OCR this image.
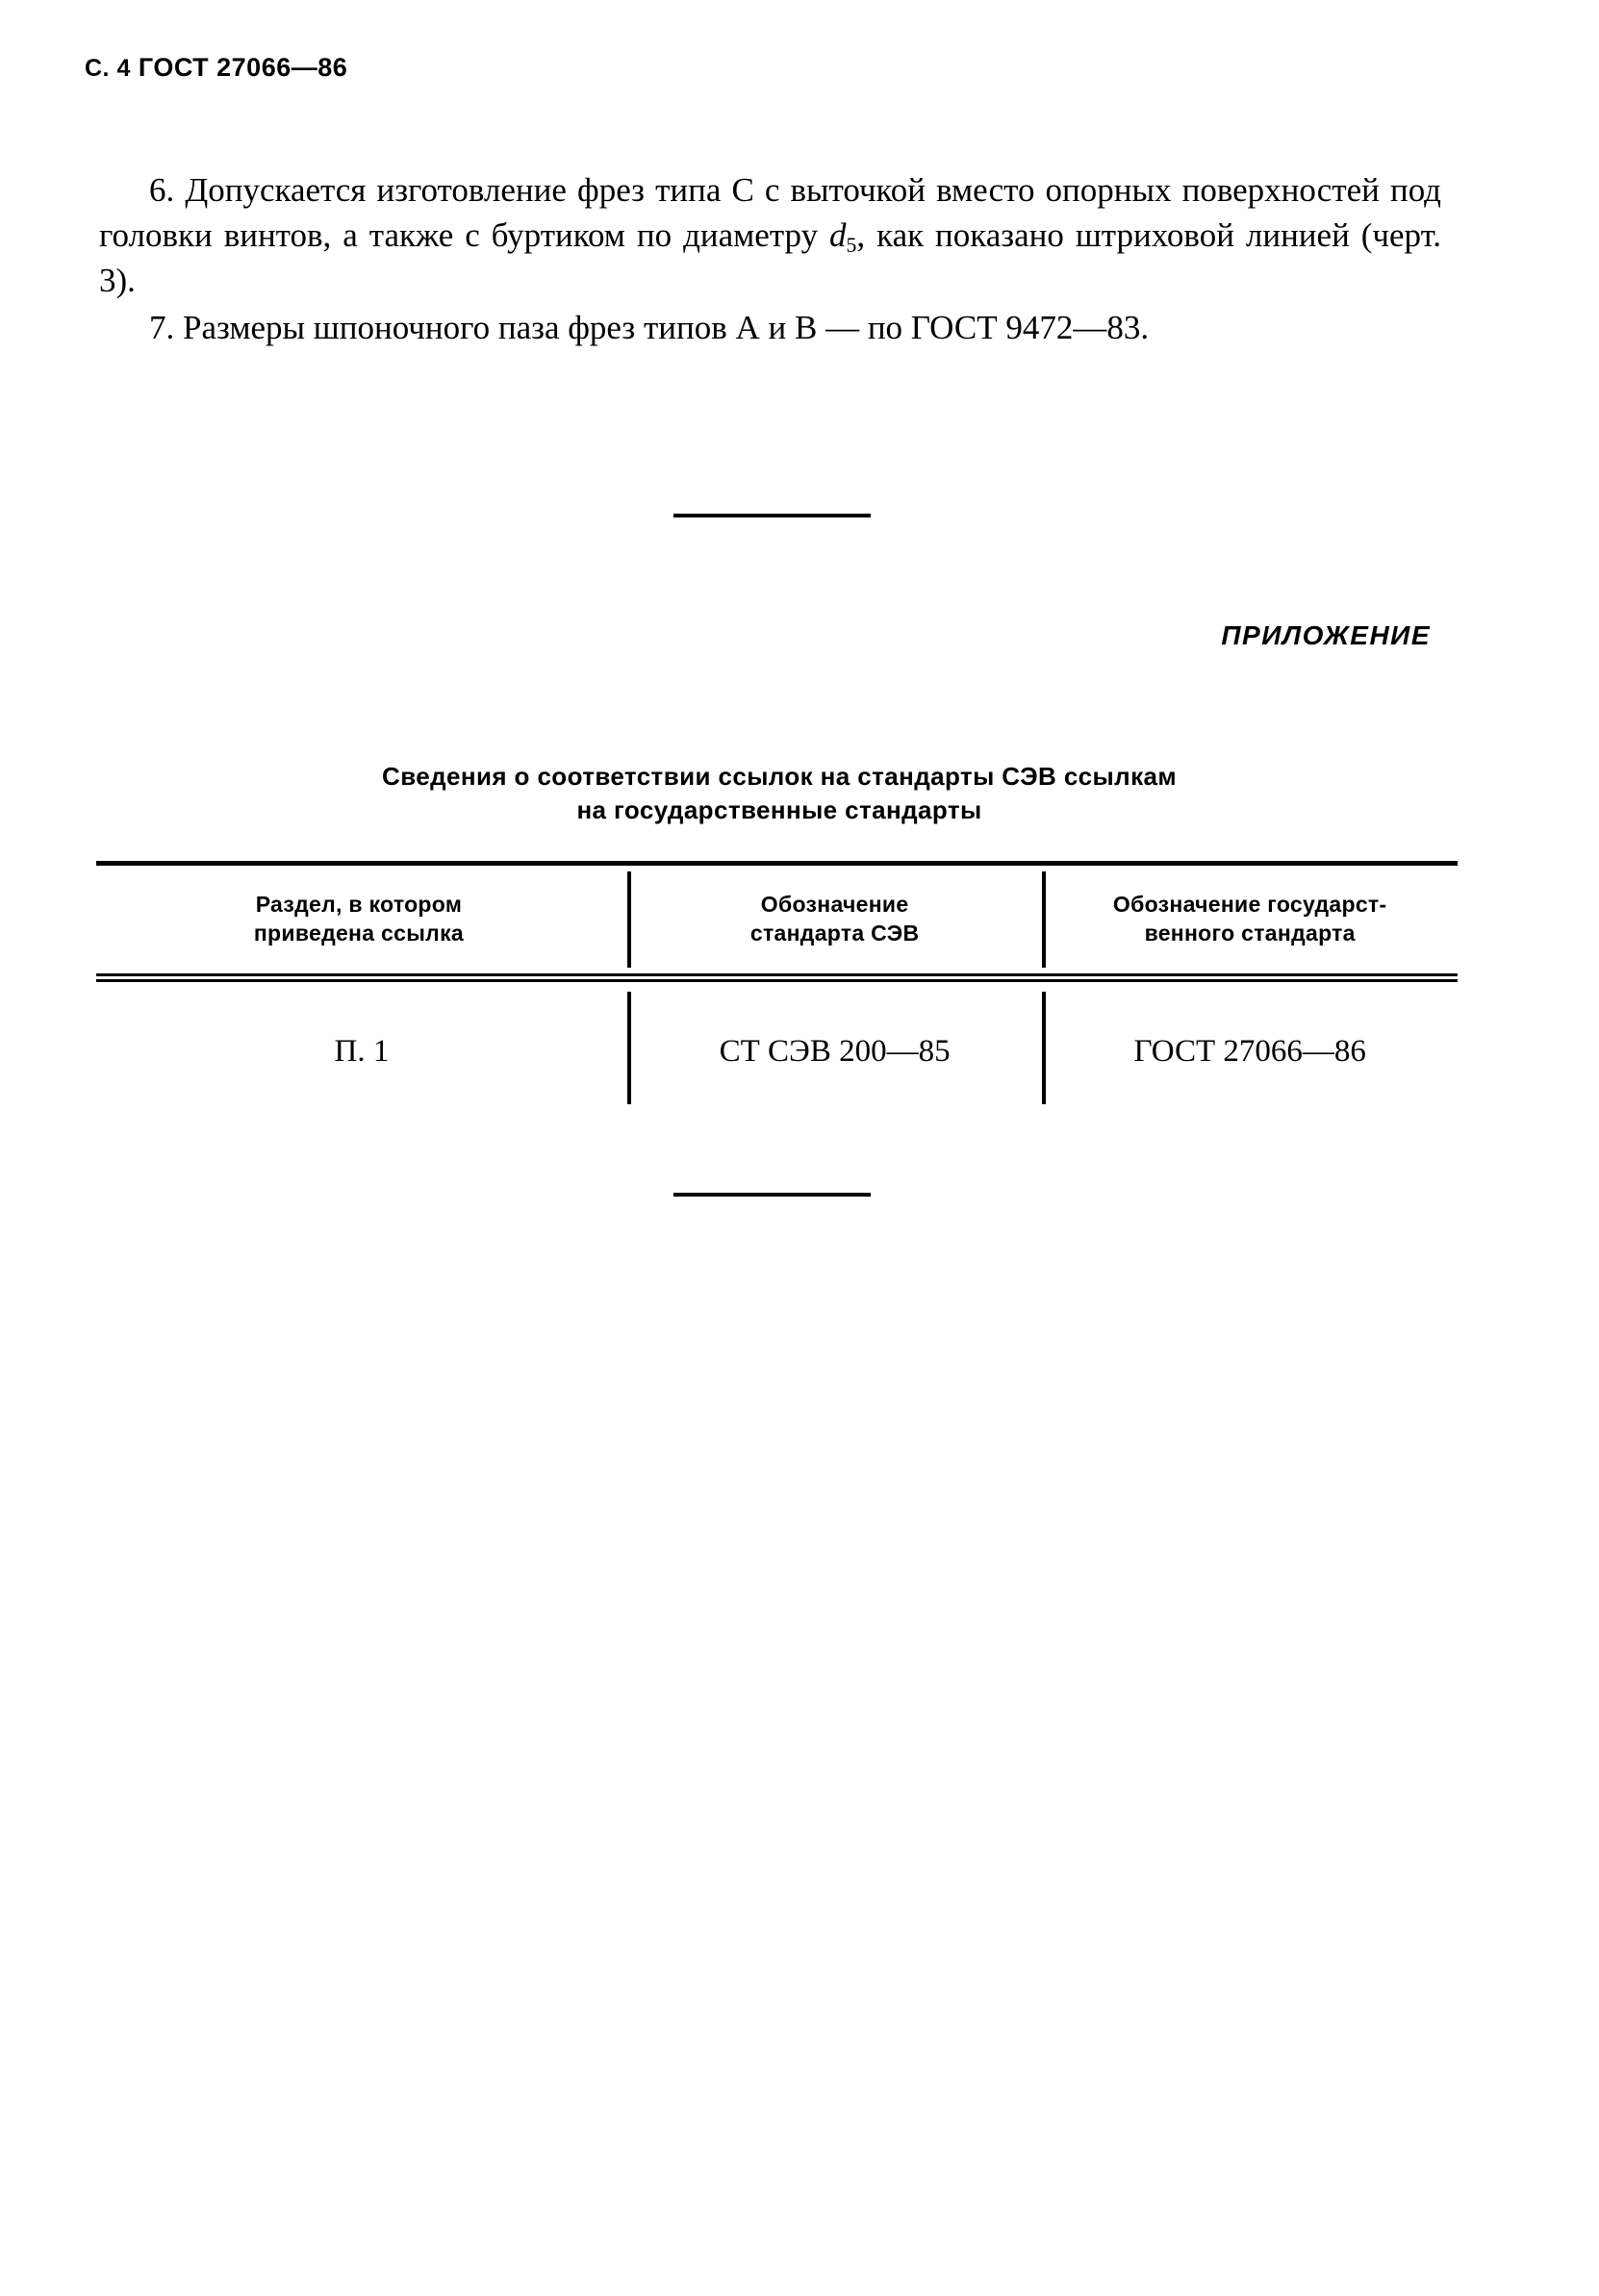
С. 4 ГОСТ 27066—86

6. Допускается изготовление фрез типа С с выточкой вместо опорных поверхностей под головки винтов, а также с буртиком по диаметру $d_5$, как показано штриховой линией (черт. 3).

7. Размеры шпоночного паза фрез типов А и В — по ГОСТ 9472—83.

ПРИЛОЖЕНИЕ
Сведения о соответствии ссылок на стандарты СЭВ ссылкам
на государственные стандарты
Раздел, в котором
приведена ссылка
Обозначение
стандарта СЭВ
Обозначение государст-
венного стандарта
П. 1	СТ СЭВ 200—85	ГОСТ 27066—86
